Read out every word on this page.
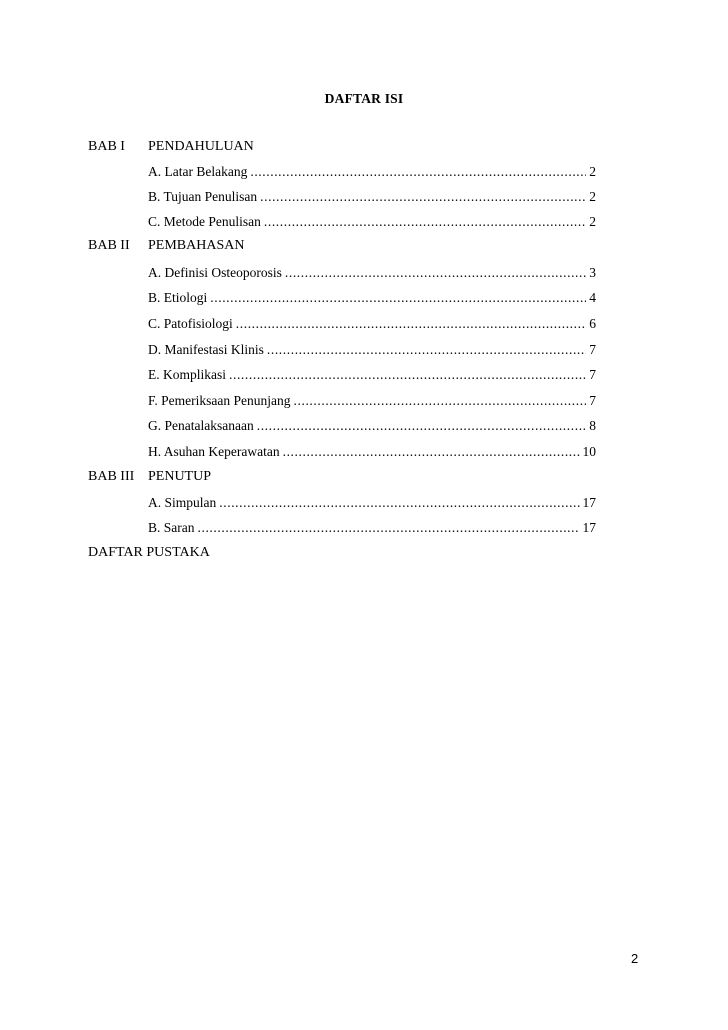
DAFTAR ISI
BAB I PENDAHULUAN
A. Latar Belakang .....	2
B. Tujuan Penulisan .....	2
C. Metode Penulisan .....	2
BAB II PEMBAHASAN
A. Definisi Osteoporosis .....	3
B. Etiologi .....	4
C. Patofisiologi .....	6
D. Manifestasi Klinis .....	7
E. Komplikasi .....	7
F. Pemeriksaan Penunjang .....	7
G. Penatalaksanaan .....	8
H. Asuhan Keperawatan .....	10
BAB III PENUTUP
A. Simpulan .....	17
B. Saran .....	17
DAFTAR PUSTAKA
2
